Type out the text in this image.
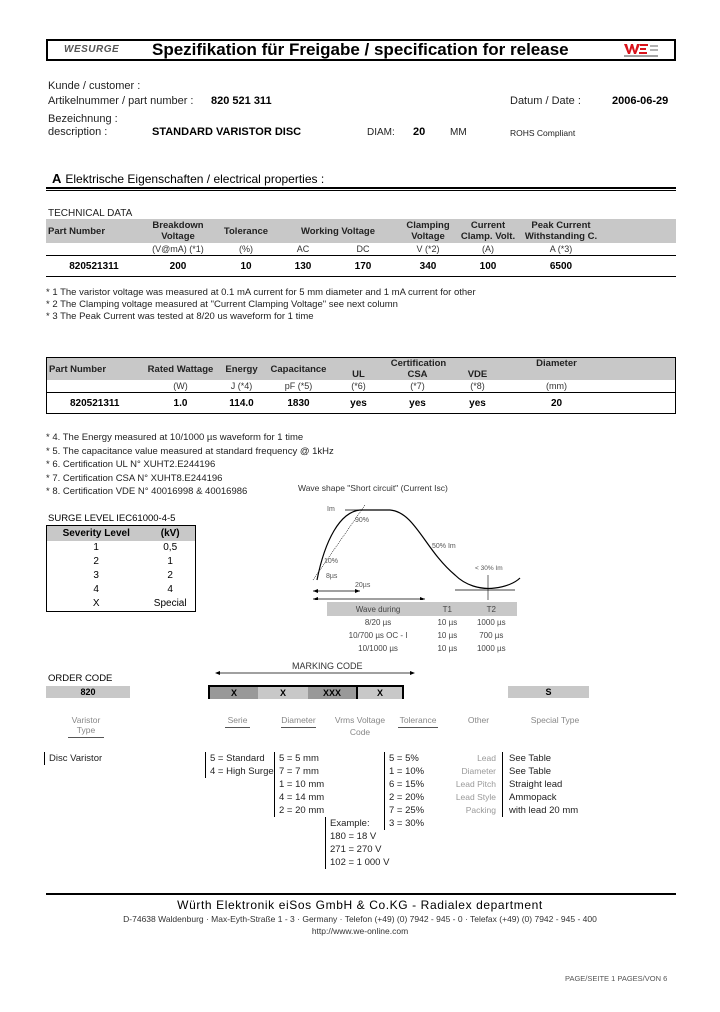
WESURGE Spezifikation für Freigabe / specification for release
Kunde / customer :
Artikelnummer / part number : 820 521 311	Datum / Date :	2006-06-29
Bezeichnung :
description :	STANDARD VARISTOR DISC	DIAM: 20 MM	ROHS Compliant
A Elektrische Eigenschaften / electrical properties :
TECHNICAL DATA
Part Number	Breakdown Voltage	Tolerance	Working Voltage		Clamping Voltage	Current Clamp. Volt.	Peak Current Withstanding C.	
	(V@mA) (*1)	(%)	AC	DC	V (*2)	(A)	A (*3)	
820521311	200	10	130	170	340	100	6500	
* 1 The varistor voltage was measured at 0.1 mA current for 5 mm diameter and 1 mA current for other
* 2 The Clamping voltage measured at "Current Clamping Voltage" see next column
* 3 The Peak Current was tested at 8/20 us waveform for 1 time
Part Number	Rated Wattage	Energy	Capacitance	Certification			Diameter	
				UL	CSA	VDE		
	(W)	J (*4)	pF (*5)	(*6)	(*7)	(*8)	(mm)	
820521311	1.0	114.0	1830	yes	yes	yes	20	
* 4. The Energy measured at 10/1000 µs waveform for 1 time
* 5. The capacitance value measured at standard frequency @ 1kHz
* 6. Certification UL N° XUHT2.E244196
* 7. Certification CSA N° XUHT8.E244196
* 8. Certification VDE N° 40016998 & 40016986
SURGE LEVEL IEC61000-4-5
Severity Level	(kV)
1	0,5
2	1
3	2
4	4
X	Special
Wave shape "Short circuit" (Current Isc)
Im
90%
50% Im
10%
8µs
20µs
< 30% Im
Wave during	T1	T2
8/20 µs	10 µs	1000 µs
10/700 µs OC - I	10 µs	700 µs
10/1000 µs	10 µs	1000 µs
MARKING CODE
ORDER CODE
820	X	X	XXX	X	S
Varistor Type
Serie	Diameter	Vrms Voltage
Code
Tolerance	Other	Special Type
Disc Varistor	5 = Standard
4 = High Surge
5 = 5 mm
7 = 7 mm
1 = 10 mm
4 = 14 mm
2 = 20 mm
Example:
180 = 18 V
271 = 270 V
102 = 1 000 V
5 = 5%
1 = 10%
6 = 15%
2 = 20%
7 = 25%
3 = 30%
Lead Diameter
Lead Pitch
Lead Style
Packing
See Table
See Table
Straight lead
Ammopack
with lead 20 mm
Würth Elektronik eiSos GmbH & Co.KG - Radialex department
D-74638 Waldenburg · Max-Eyth-Straße 1 - 3 · Germany · Telefon (+49) (0) 7942 - 945 - 0 · Telefax (+49) (0) 7942 - 945 - 400
http://www.we-online.com
PAGE/SEITE 1 PAGES/VON 6
